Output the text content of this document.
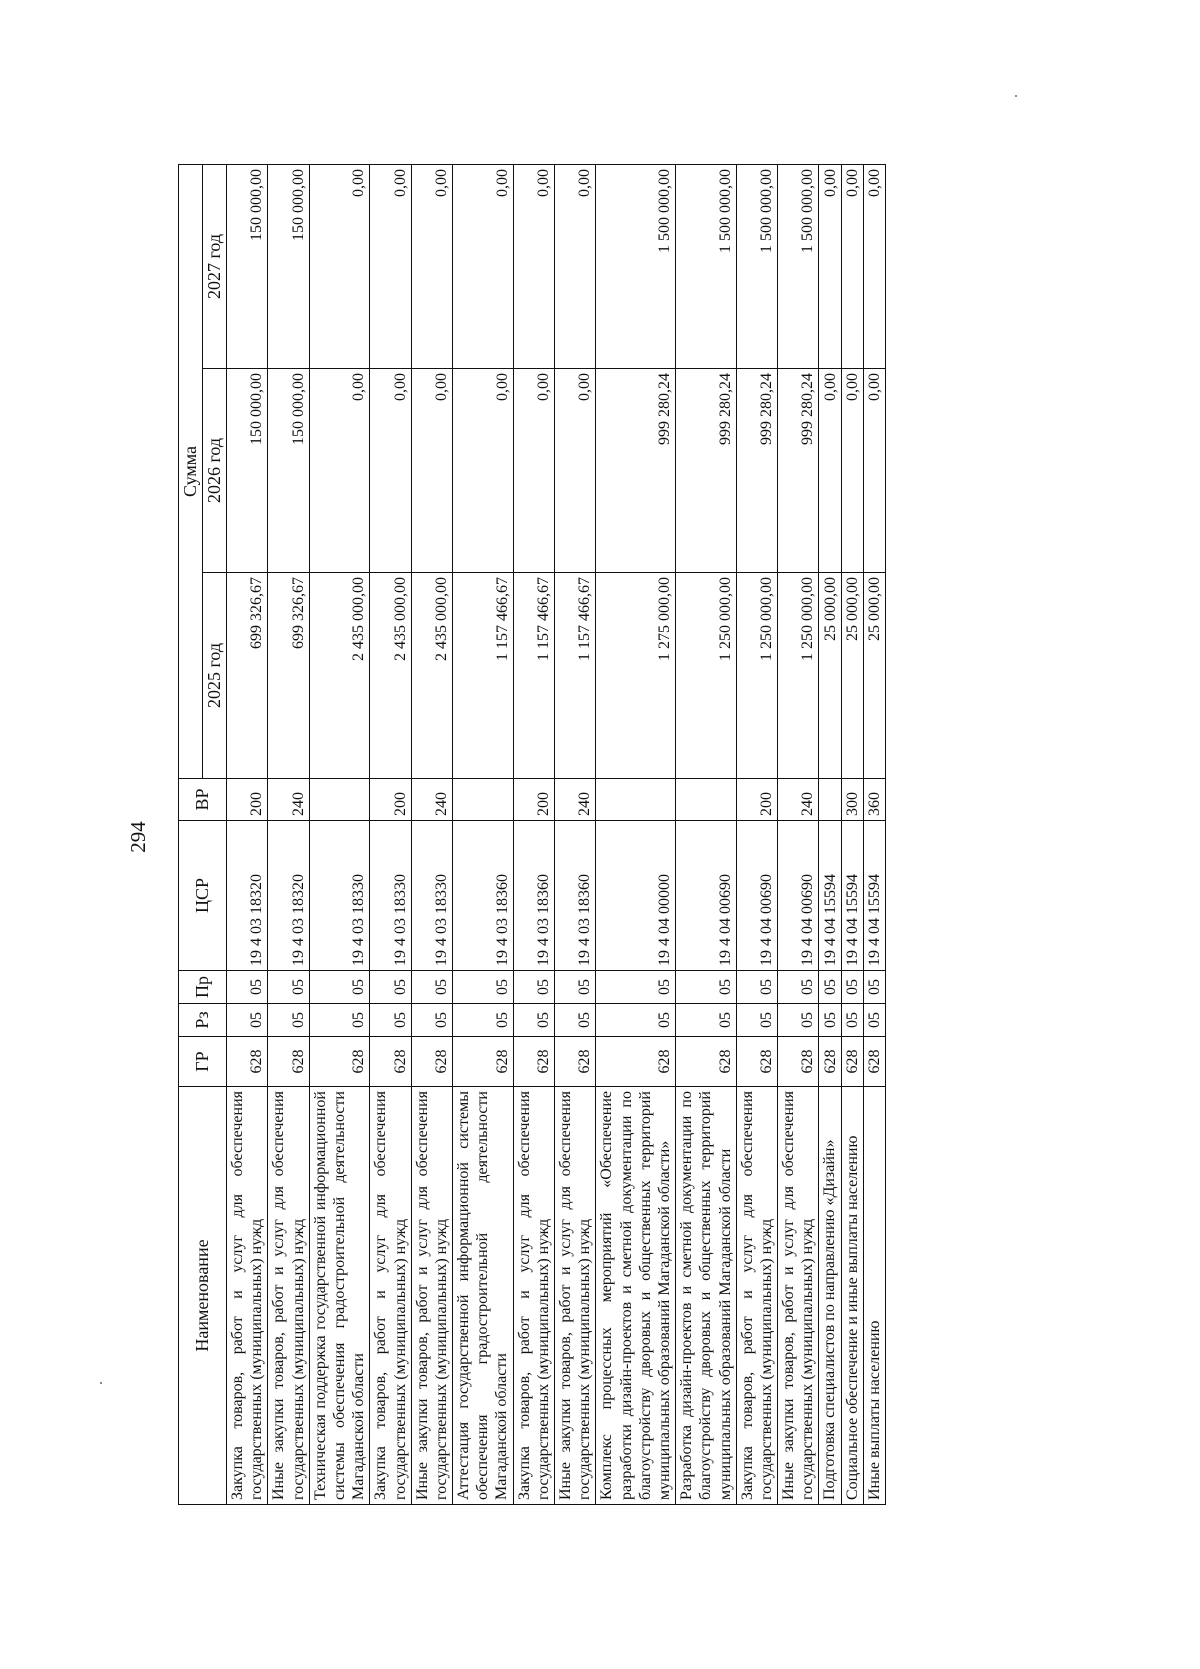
294
Наименование	ГР	Рз	Пр	ЦСР	ВР	Сумма		
						2025 год	2026 год	2027 год
Закупка товаров, работ и услуг для обеспечения государственных (муниципальных) нужд	628	05	05	19 4 03 18320	200	699 326,67	150 000,00	150 000,00
Иные закупки товаров, работ и услуг для обеспечения государственных (муниципальных) нужд	628	05	05	19 4 03 18320	240	699 326,67	150 000,00	150 000,00
Техническая поддержка государственной информационной системы обеспечения градостроительной деятельности Магаданской области	628	05	05	19 4 03 18330		2 435 000,00	0,00	0,00
Закупка товаров, работ и услуг для обеспечения государственных (муниципальных) нужд	628	05	05	19 4 03 18330	200	2 435 000,00	0,00	0,00
Иные закупки товаров, работ и услуг для обеспечения государственных (муниципальных) нужд	628	05	05	19 4 03 18330	240	2 435 000,00	0,00	0,00
Аттестация государственной информационной системы обеспечения градостроительной деятельности Магаданской области	628	05	05	19 4 03 18360		1 157 466,67	0,00	0,00
Закупка товаров, работ и услуг для обеспечения государственных (муниципальных) нужд	628	05	05	19 4 03 18360	200	1 157 466,67	0,00	0,00
Иные закупки товаров, работ и услуг для обеспечения государственных (муниципальных) нужд	628	05	05	19 4 03 18360	240	1 157 466,67	0,00	0,00
Комплекс процессных мероприятий «Обеспечение разработки дизайн-проектов и сметной документации по благоустройству дворовых и общественных территорий муниципальных образований Магаданской области»	628	05	05	19 4 04 00000		1 275 000,00	999 280,24	1 500 000,00
Разработка дизайн-проектов и сметной документации по благоустройству дворовых и общественных территорий муниципальных образований Магаданской области	628	05	05	19 4 04 00690		1 250 000,00	999 280,24	1 500 000,00
Закупка товаров, работ и услуг для обеспечения государственных (муниципальных) нужд	628	05	05	19 4 04 00690	200	1 250 000,00	999 280,24	1 500 000,00
Иные закупки товаров, работ и услуг для обеспечения государственных (муниципальных) нужд	628	05	05	19 4 04 00690	240	1 250 000,00	999 280,24	1 500 000,00
Подготовка специалистов по направлению «Дизайн»	628	05	05	19 4 04 15594		25 000,00	0,00	0,00
Социальное обеспечение и иные выплаты населению	628	05	05	19 4 04 15594	300	25 000,00	0,00	0,00
Иные выплаты населению	628	05	05	19 4 04 15594	360	25 000,00	0,00	0,00
